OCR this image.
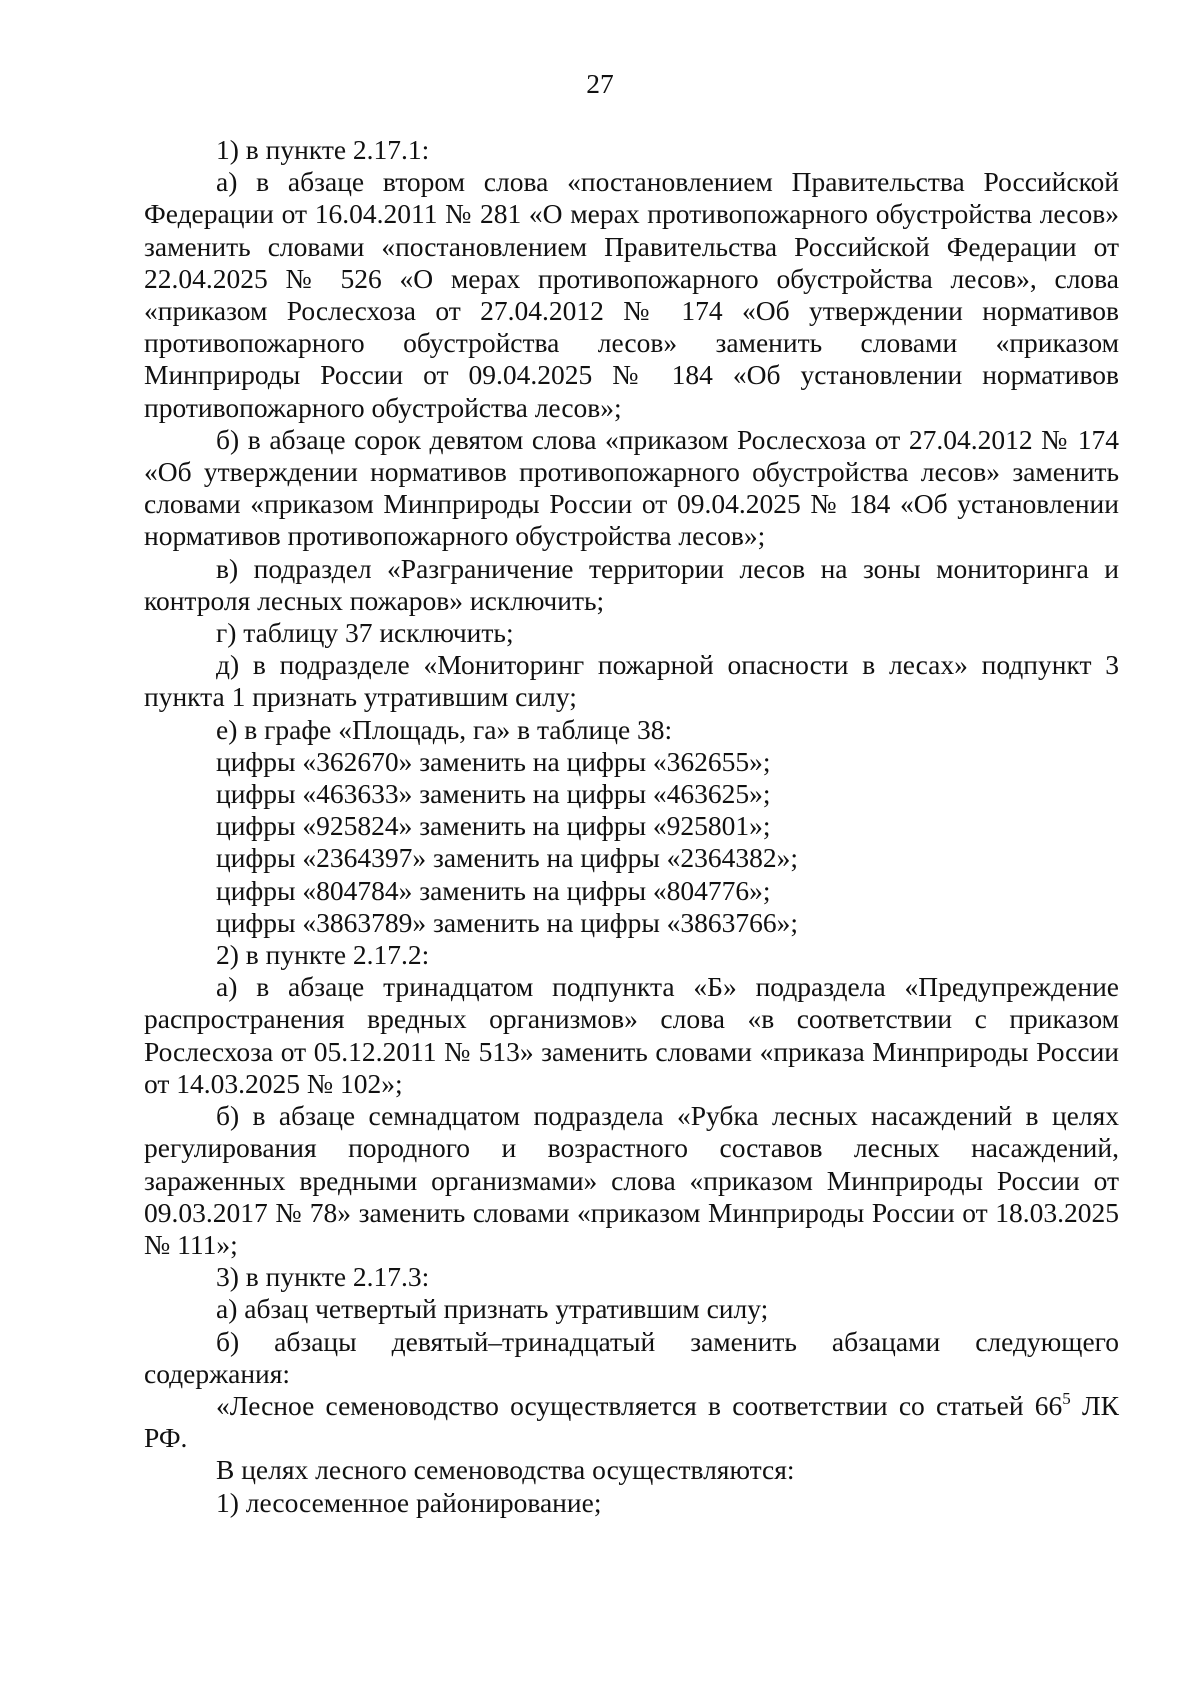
27

1) в пункте 2.17.1:

а) в абзаце втором слова «постановлением Правительства Российской Федерации от 16.04.2011 № 281 «О мерах противопожарного обустройства лесов» заменить словами «постановлением Правительства Российской Федерации от 22.04.2025 № 526 «О мерах противопожарного обустройства лесов», слова «приказом Рослесхоза от 27.04.2012 № 174 «Об утверждении нормативов противопожарного обустройства лесов» заменить словами «приказом Минприроды России от 09.04.2025 № 184 «Об установлении нормативов противопожарного обустройства лесов»;

б) в абзаце сорок девятом слова «приказом Рослесхоза от 27.04.2012 № 174 «Об утверждении нормативов противопожарного обустройства лесов» заменить словами «приказом Минприроды России от 09.04.2025 № 184 «Об установлении нормативов противопожарного обустройства лесов»;

в) подраздел «Разграничение территории лесов на зоны мониторинга и контроля лесных пожаров» исключить;

г) таблицу 37 исключить;

д) в подразделе «Мониторинг пожарной опасности в лесах» подпункт 3 пункта 1 признать утратившим силу;

е) в графе «Площадь, га» в таблице 38:

цифры «362670» заменить на цифры «362655»;

цифры «463633» заменить на цифры «463625»;

цифры «925824» заменить на цифры «925801»;

цифры «2364397» заменить на цифры «2364382»;

цифры «804784» заменить на цифры «804776»;

цифры «3863789» заменить на цифры «3863766»;

2) в пункте 2.17.2:

а) в абзаце тринадцатом подпункта «Б» подраздела «Предупреждение распространения вредных организмов» слова «в соответствии с приказом Рослесхоза от 05.12.2011 № 513» заменить словами «приказа Минприроды России от 14.03.2025 № 102»;

б) в абзаце семнадцатом подраздела «Рубка лесных насаждений в целях регулирования породного и возрастного составов лесных насаждений, зараженных вредными организмами» слова «приказом Минприроды России от 09.03.2017 № 78» заменить словами «приказом Минприроды России от 18.03.2025 № 111»;

3) в пункте 2.17.3:

а) абзац четвертый признать утратившим силу;

б) абзацы девятый–тринадцатый заменить абзацами следующего содержания:

«Лесное семеноводство осуществляется в соответствии со статьей $66^5$ ЛК РФ.

В целях лесного семеноводства осуществляются:

1) лесосеменное районирование;
